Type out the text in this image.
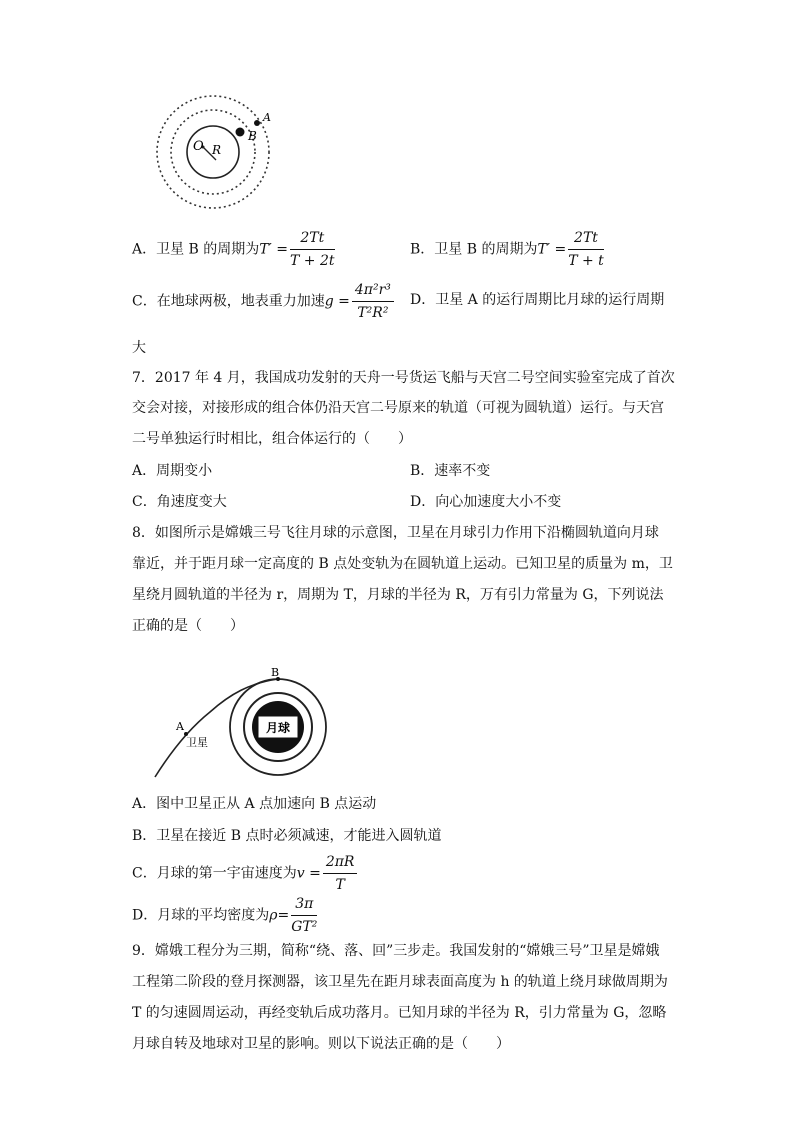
O R
B
A
A．卫星 B 的周期为$T' = \frac{2Tt}{T + 2t}$	B．卫星 B 的周期为$T' = \frac{2Tt}{T + t}$
C．在地球两极，地表重力加速$g = \frac{\text{4π²r³}}{\text{T²R²}}$ D．卫星 A 的运行周期比月球的运行周期
大
7．2017 年 4 月，我国成功发射的天舟一号货运飞船与天宫二号空间实验室完成了首次
交会对接，对接形成的组合体仍沿天宫二号原来的轨道（可视为圆轨道）运行。与天宫
二号单独运行时相比，组合体运行的（　　）
A．周期变小	B．速率不变
C．角速度变大	D．向心加速度大小不变
8．如图所示是嫦娥三号飞往月球的示意图，卫星在月球引力作用下沿椭圆轨道向月球
靠近，并于距月球一定高度的 B 点处变轨为在圆轨道上运动。已知卫星的质量为 m，卫
星绕月圆轨道的半径为 r，周期为 T，月球的半径为 R，万有引力常量为 G，下列说法
正确的是（　　）
月球
A
B
卫星
A．图中卫星正从 A 点加速向 B 点运动
B．卫星在接近 B 点时必须减速，才能进入圆轨道
C．月球的第一宇宙速度为$v = \frac{2\pi R}{T}$
D．月球的平均密度为$\rho= \frac{3\pi}{\text{GT²}}$
9．嫦娥工程分为三期，简称“绕、落、回”三步走。我国发射的“嫦娥三号”卫星是嫦娥
工程第二阶段的登月探测器，该卫星先在距月球表面高度为 h 的轨道上绕月球做周期为
T 的匀速圆周运动，再经变轨后成功落月。已知月球的半径为 R，引力常量为 G，忽略
月球自转及地球对卫星的影响。则以下说法正确的是（　　）
